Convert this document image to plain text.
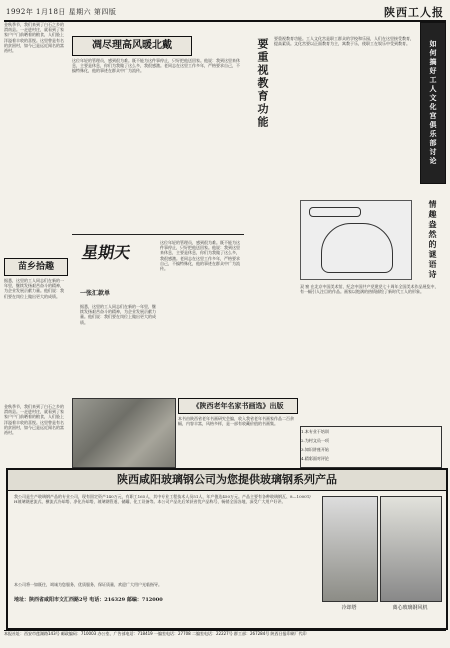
1992年 1月18日 星期六 第四版	陕西工人报
如何搞好工人文化宫俱乐部讨论
金秋季节，我们来到了白石之乡的渭南县。一走进村庄，就看到了家家户户门前晒着的粮食，人们脸上洋溢着丰收的喜悦。这里曾是有名的贫困村，如今已是远近闻名的富裕村。
苗乡拾趣
据悉，这里的工人同志们在新的一年里，继续发扬艰苦奋斗的精神，为企业发展贡献力量。他们说：我们要在岗位上做出更大的成绩。
凋尽理高风暖北戴
这位年轻的管理员，感到很为难。既不能为这件事停止，只好把他送回家。他说：我到这里来休息，主要是休息，你们为我做了这么多，我很感激。老同志在这里工作多年，严格要求自己，不搞特殊化，他的事迹在群众中广为流传。	要重视教育功能 要重视教育功能。工人文化宫是职工群众的学校和乐园，人们在这里接受教育，提高素质。文化宫要以正面教育为主，寓教于乐，使职工在娱乐中受到教育。
星期天
这位年轻的管理员，感到很为难。既不能为这件事停止，只好把他送回家。他说：我到这里来休息，主要是休息，你们为我做了这么多，我很感激。老同志在这里工作多年，严格要求自己，不搞特殊化，他的事迹在群众中广为流传。
一张汇款单
据悉，这里的工人同志们在新的一年里，继续发扬艰苦奋斗的精神，为企业发展贡献力量。他们说：我们要在岗位上做出更大的成绩。
情趣盎然的谜语诗
双 窗 在北京中国美术馆，纪念中国共产党建党七十周年全国美术作品展览中，有一幅引人注目的作品。画家以饱满的热情描绘了新时代工人的形象。
《陕西老年名家书画选》出版
本书由陕西省老年书画研究会编，收入我省老年书画家作品二百余幅，内容丰富，风格多样，是一部有收藏价值的书画集。
金秋季节，我们来到了白石之乡的渭南县。一走进村庄，就看到了家家户户门前晒着的粮食，人们脸上洋溢着丰收的喜悦。这里曾是有名的贫困村，如今已是远近闻名的富裕村。	1.本专业干培训
2.为村文员一项
3.知识讲座开始
4.精彩面对评论
陕西咸阳玻璃钢公司为您提供玻璃钢系列产品
我公司是生产玻璃钢产品的专业公司，现有固定资产140万元，有职工165人，其中专业工程技术人员51人，年产值达450万元。产品主要有各种玻璃钢瓦、8—1000T/H玻璃钢逆流式、横流式冷却塔、净化冷却塔，玻璃钢管道、储罐、化工设备等。本公司产品先后荣获省优产品称号，畅销全国各地，深受广大用户好评。
本公司将一如既往，竭诚为您服务，优质服务，保证质量，欢迎广大用户光临指导。
地址：陕西省咸阳市文汇西路2号 电话：216329 邮编：712000
冷却塔	离心玻璃钢风机
本报社址：西安市莲湖路143号 邮政编码：710003 办公室、广告部电话：718419 一编室电话：27708 二编室电话：22227号 群工部：267284号 陕西日报印刷厂代印
